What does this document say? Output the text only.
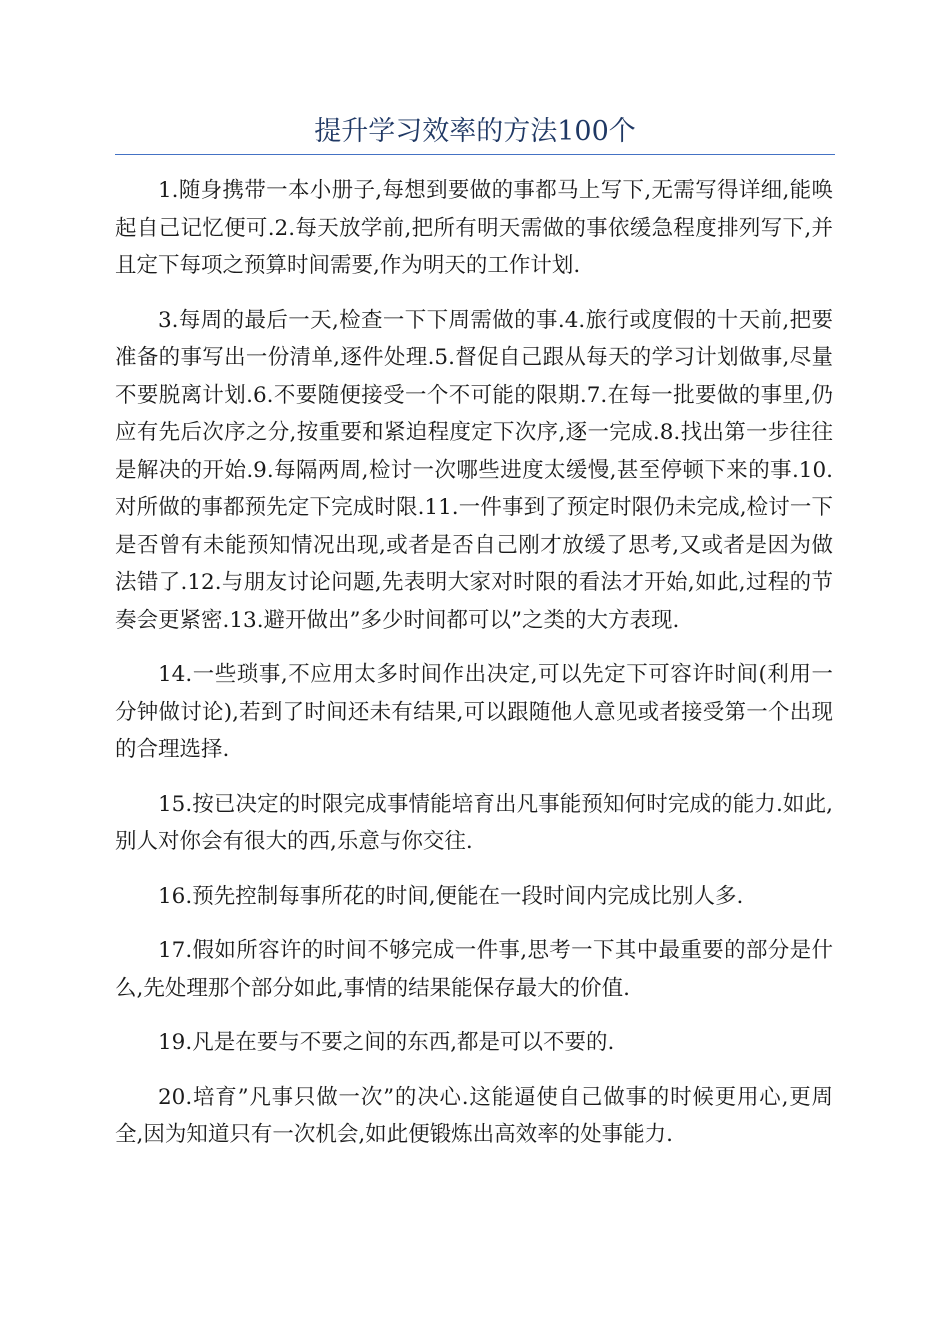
提升学习效率的方法100个

1.随身携带一本小册子,每想到要做的事都马上写下,无需写得详细,能唤起自己记忆便可.2.每天放学前,把所有明天需做的事依缓急程度排列写下,并且定下每项之预算时间需要,作为明天的工作计划.

3.每周的最后一天,检查一下下周需做的事.4.旅行或度假的十天前,把要准备的事写出一份清单,逐件处理.5.督促自己跟从每天的学习计划做事,尽量不要脱离计划.6.不要随便接受一个不可能的限期.7.在每一批要做的事里,仍应有先后次序之分,按重要和紧迫程度定下次序,逐一完成.8.找出第一步往往是解决的开始.9.每隔两周,检讨一次哪些进度太缓慢,甚至停顿下来的事.10.对所做的事都预先定下完成时限.11.一件事到了预定时限仍未完成,检讨一下是否曾有未能预知情况出现,或者是否自己刚才放缓了思考,又或者是因为做法错了.12.与朋友讨论问题,先表明大家对时限的看法才开始,如此,过程的节奏会更紧密.13.避开做出”多少时间都可以”之类的大方表现.

14.一些琐事,不应用太多时间作出决定,可以先定下可容许时间(利用一分钟做讨论),若到了时间还未有结果,可以跟随他人意见或者接受第一个出现的合理选择.

15.按已决定的时限完成事情能培育出凡事能预知何时完成的能力.如此,别人对你会有很大的西,乐意与你交往.

16.预先控制每事所花的时间,便能在一段时间内完成比别人多.

17.假如所容许的时间不够完成一件事,思考一下其中最重要的部分是什么,先处理那个部分如此,事情的结果能保存最大的价值.

19.凡是在要与不要之间的东西,都是可以不要的.

20.培育”凡事只做一次”的决心.这能逼使自己做事的时候更用心,更周全,因为知道只有一次机会,如此便锻炼出高效率的处事能力.
